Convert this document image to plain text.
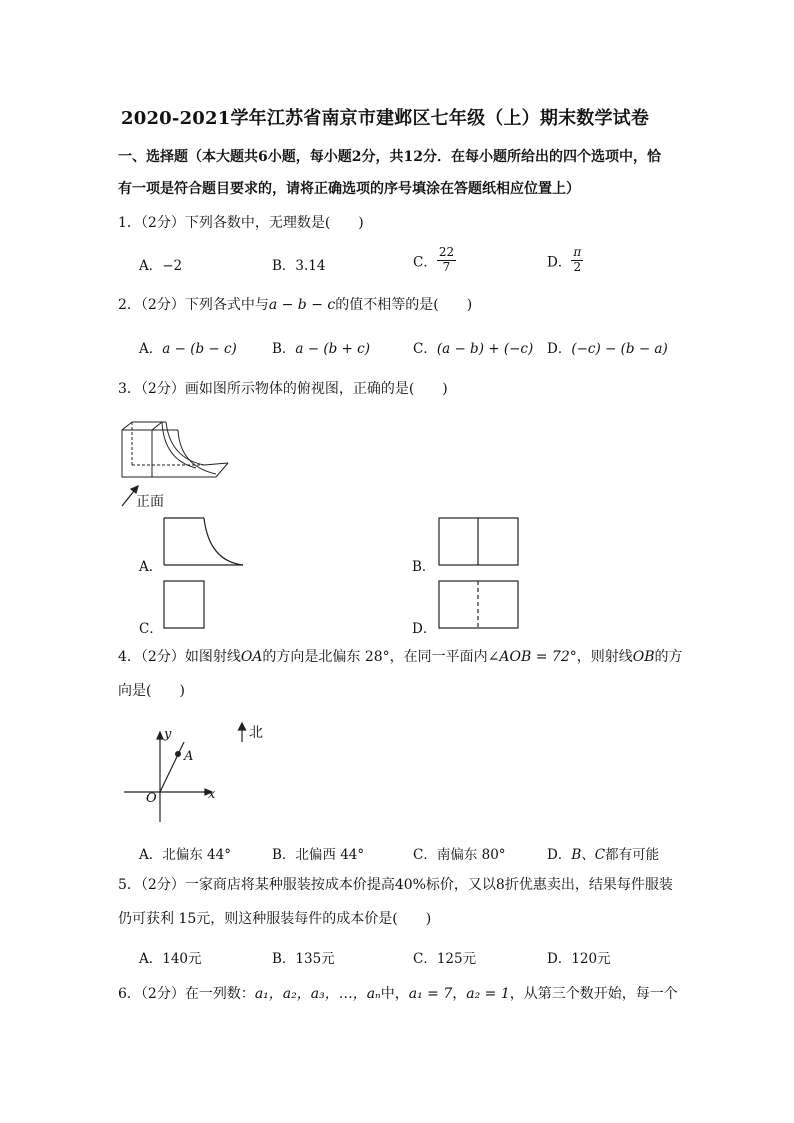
2020-2021学年江苏省南京市建邺区七年级（上）期末数学试卷
一、选择题（本大题共6小题，每小题2分，共12分．在每小题所给出的四个选项中，恰
有一项是符合题目要求的，请将正确选项的序号填涂在答题纸相应位置上）
1．（2分）下列各数中，无理数是(　　)
A．−2	B．3.14	C． $\frac{22}{7}$	D． $\frac{\pi}{2}$
2．（2分）下列各式中与a − b − c的值不相等的是(　　)
A．a − (b − c)	B．a − (b + c)	C．(a − b) + (−c) D．(−c) − (b − a)
3．（2分）画如图所示物体的俯视图，正确的是(　　)
正面
A．	B．
C．	D．
4．（2分）如图射线OA的方向是北偏东 28°，在同一平面内∠AOB = 72°，则射线OB的方
向是(　　)
y
x
O
A
北
A．北偏东 44°	B．北偏西 44°	C．南偏东 80°	D．B、C都有可能
5．（2分）一家商店将某种服装按成本价提高40%标价，又以8折优惠卖出，结果每件服装
仍可获利 15元，则这种服装每件的成本价是(　　)
A．140元	B．135元	C．125元	D．120元
6．（2分）在一列数：a₁，a₂，a₃，…，aₙ中，a₁ = 7，a₂ = 1，从第三个数开始，每一个
